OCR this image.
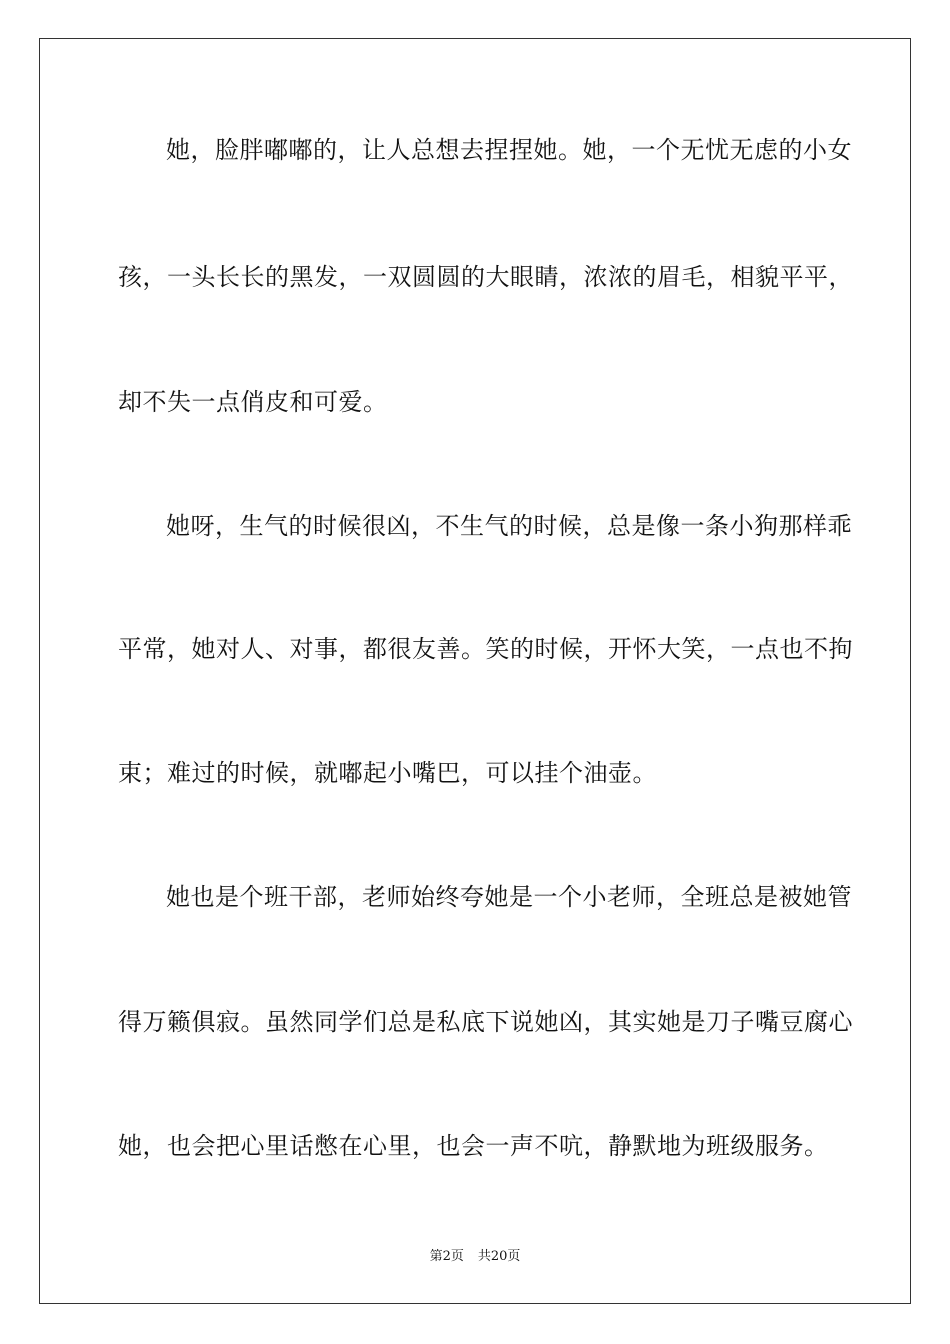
她，脸胖嘟嘟的，让人总想去捏捏她。她，一个无忧无虑的小女
孩，一头长长的黑发，一双圆圆的大眼睛，浓浓的眉毛，相貌平平，
却不失一点俏皮和可爱。
她呀，生气的时候很凶，不生气的时候，总是像一条小狗那样乖
平常，她对人、对事，都很友善。笑的时候，开怀大笑，一点也不拘
束；难过的时候，就嘟起小嘴巴，可以挂个油壶。
她也是个班干部，老师始终夸她是一个小老师，全班总是被她管
得万籁俱寂。虽然同学们总是私底下说她凶，其实她是刀子嘴豆腐心
她，也会把心里话憋在心里，也会一声不吭，静默地为班级服务。
第2页 共20页
